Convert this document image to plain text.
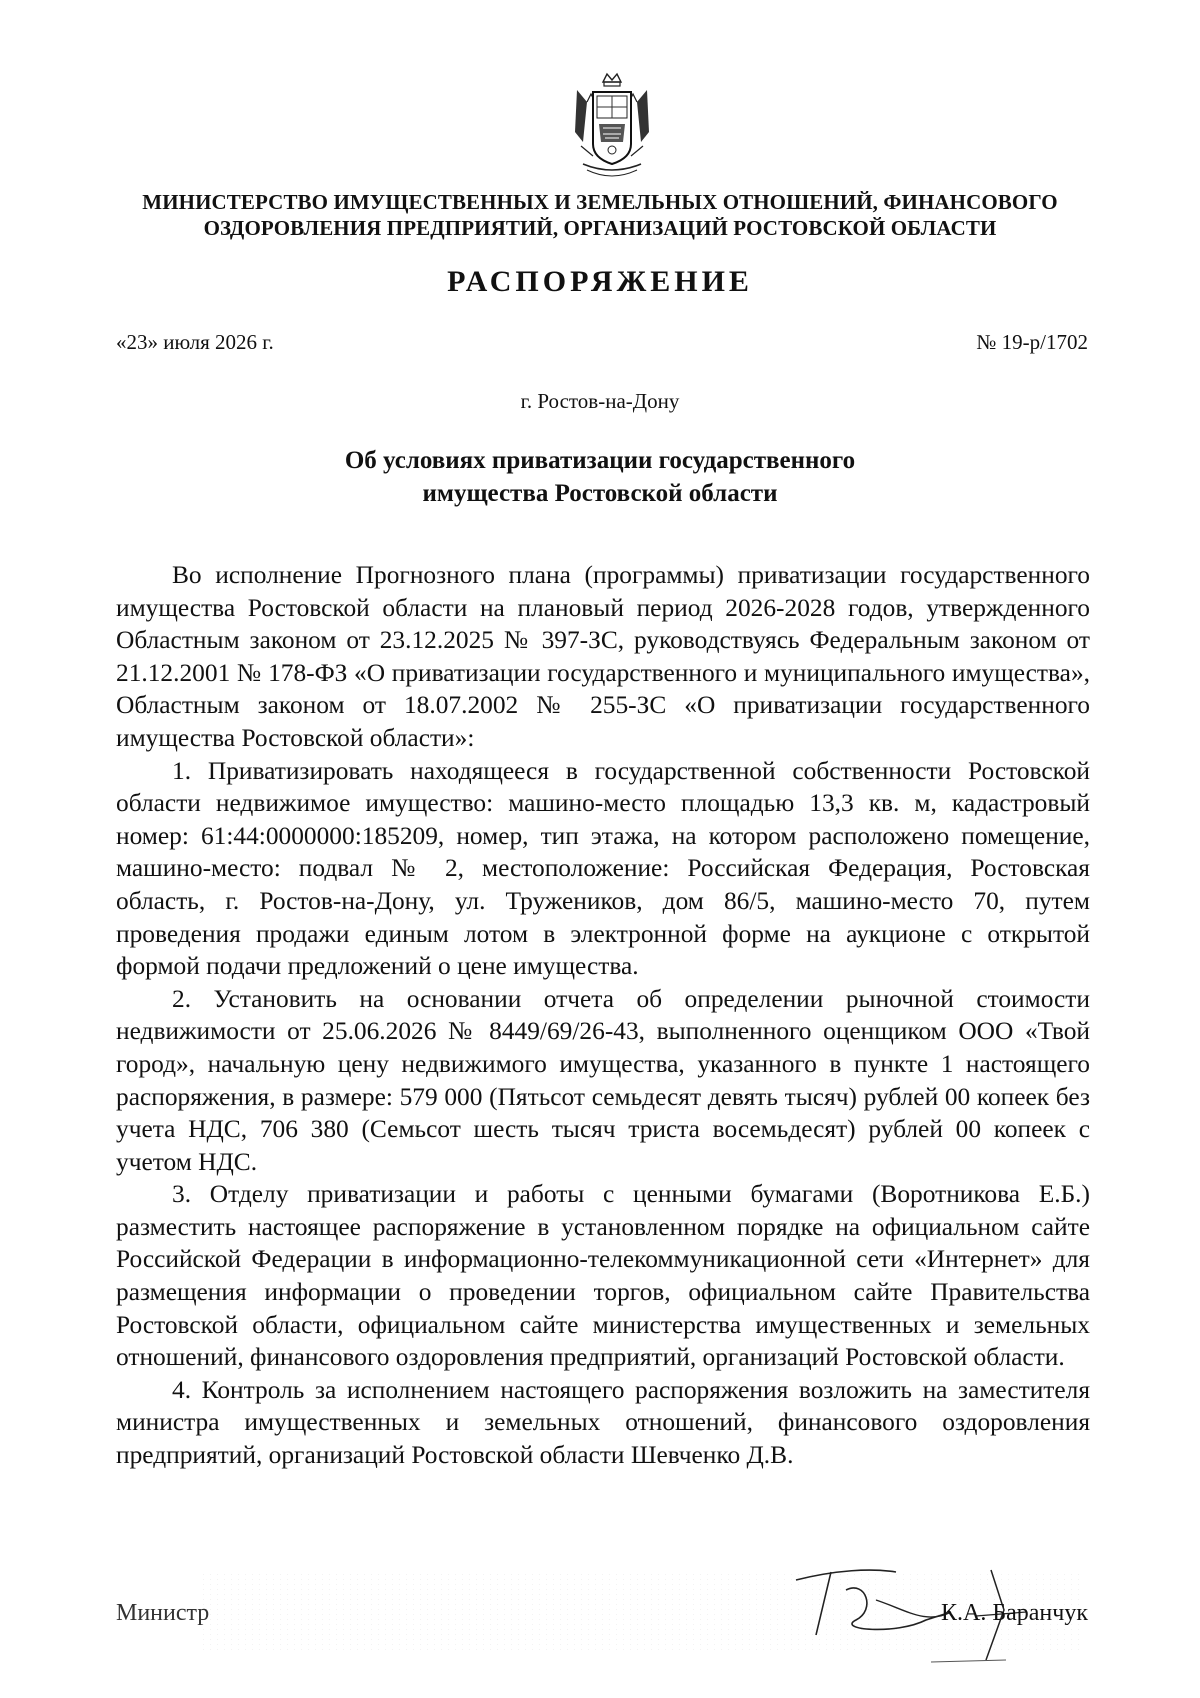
МИНИСТЕРСТВО ИМУЩЕСТВЕННЫХ И ЗЕМЕЛЬНЫХ ОТНОШЕНИЙ, ФИНАНСОВОГО
ОЗДОРОВЛЕНИЯ ПРЕДПРИЯТИЙ, ОРГАНИЗАЦИЙ РОСТОВСКОЙ ОБЛАСТИ
РАСПОРЯЖЕНИЕ
«23» июля 2026 г.	№ 19-р/1702
г. Ростов-на-Дону
Об условиях приватизации государственного
имущества Ростовской области

Во исполнение Прогнозного плана (программы) приватизации государственного имущества Ростовской области на плановый период 2026-2028 годов, утвержденного Областным законом от 23.12.2025 № 397-ЗС, руководствуясь Федеральным законом от 21.12.2001 № 178-ФЗ «О приватизации государственного и муниципального имущества», Областным законом от 18.07.2002 № 255-ЗС «О приватизации государственного имущества Ростовской области»:

1. Приватизировать находящееся в государственной собственности Ростовской области недвижимое имущество: машино-место площадью 13,3 кв. м, кадастровый номер: 61:44:0000000:185209, номер, тип этажа, на котором расположено помещение, машино-место: подвал № 2, местоположение: Российская Федерация, Ростовская область, г. Ростов-на-Дону, ул. Тружеников, дом 86/5, машино-место 70, путем проведения продажи единым лотом в электронной форме на аукционе с открытой формой подачи предложений о цене имущества.

2. Установить на основании отчета об определении рыночной стоимости недвижимости от 25.06.2026 № 8449/69/26-43, выполненного оценщиком ООО «Твой город», начальную цену недвижимого имущества, указанного в пункте 1 настоящего распоряжения, в размере: 579 000 (Пятьсот семьдесят девять тысяч) рублей 00 копеек без учета НДС, 706 380 (Семьсот шесть тысяч триста восемьдесят) рублей 00 копеек с учетом НДС.

3. Отделу приватизации и работы с ценными бумагами (Воротникова Е.Б.) разместить настоящее распоряжение в установленном порядке на официальном сайте Российской Федерации в информационно-телекоммуникационной сети «Интернет» для размещения информации о проведении торгов, официальном сайте Правительства Ростовской области, официальном сайте министерства имущественных и земельных отношений, финансового оздоровления предприятий, организаций Ростовской области.

4. Контроль за исполнением настоящего распоряжения возложить на заместителя министра имущественных и земельных отношений, финансового оздоровления предприятий, организаций Ростовской области Шевченко Д.В.

Министр	К.А. Баранчук
